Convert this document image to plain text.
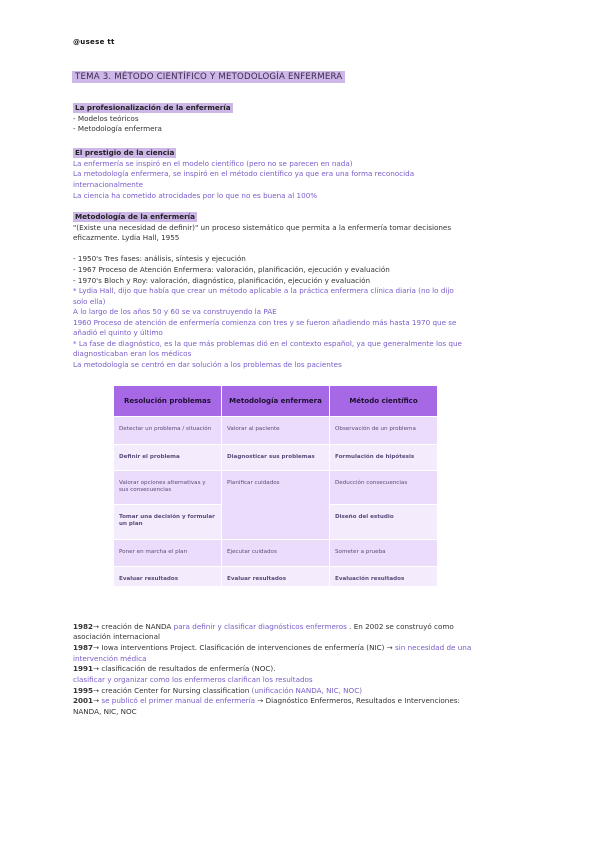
@usese tt
TEMA 3. MÉTODO CIENTÍFICO Y METODOLOGÍA ENFERMERA
La profesionalización de la enfermería
- Modelos teóricos
- Metodología enfermera
El prestigio de la ciencia
La enfermería se inspiró en el modelo científico (pero no se parecen en nada)
La metodología enfermera, se inspiró en el método científico ya que era una forma reconocida
internacionalmente
La ciencia ha cometido atrocidades por lo que no es buena al 100%
Metodología de la enfermería
"(Existe una necesidad de definir)" un proceso sistemático que permita a la enfermería tomar decisiones
eficazmente. Lydia Hall, 1955
- 1950's Tres fases: análisis, síntesis y ejecución
- 1967 Proceso de Atención Enfermera: valoración, planificación, ejecución y evaluación
- 1970's Bloch y Roy: valoración, diagnóstico, planificación, ejecución y evaluación
* Lydia Hall, dijo que había que crear un método aplicable a la práctica enfermera clínica diaria (no lo dijo
solo ella)
A lo largo de los años 50 y 60 se va construyendo la PAE
1960 Proceso de atención de enfermería comienza con tres y se fueron añadiendo más hasta 1970 que se
añadió el quinto y último
* La fase de diagnóstico, es la que más problemas dió en el contexto español, ya que generalmente los que
diagnosticaban eran los médicos
La metodología se centró en dar solución a los problemas de los pacientes
Resolución problemas	Metodología enfermera	Método científico
Detectar un problema / situación	Valorar al paciente	Observación de un problema
Definir el problema	Diagnosticar sus problemas	Formulación de hipótesis
Valorar opciones alternativas y sus consecuencias	Planificar cuidados	Deducción consecuencias
Tomar una decisión y formular un plan		Diseño del estudio
Poner en marcha el plan	Ejecutar cuidados	Someter a prueba
Evaluar resultados	Evaluar resultados	Evaluación resultados
1982→ creación de NANDA para definir y clasificar diagnósticos enfermeros . En 2002 se construyó como
asociación internacional
1987→ Iowa interventions Project. Clasificación de intervenciones de enfermería (NIC) → sin necesidad de una
intervención médica
1991→ clasificación de resultados de enfermería (NOC).
clasificar y organizar como los enfermeros clarifican los resultados
1995→ creación Center for Nursing classification (unificación NANDA, NIC, NOC)
2001→ se publicó el primer manual de enfermería → Diagnóstico Enfermeros, Resultados e Intervenciones:
NANDA, NIC, NOC
